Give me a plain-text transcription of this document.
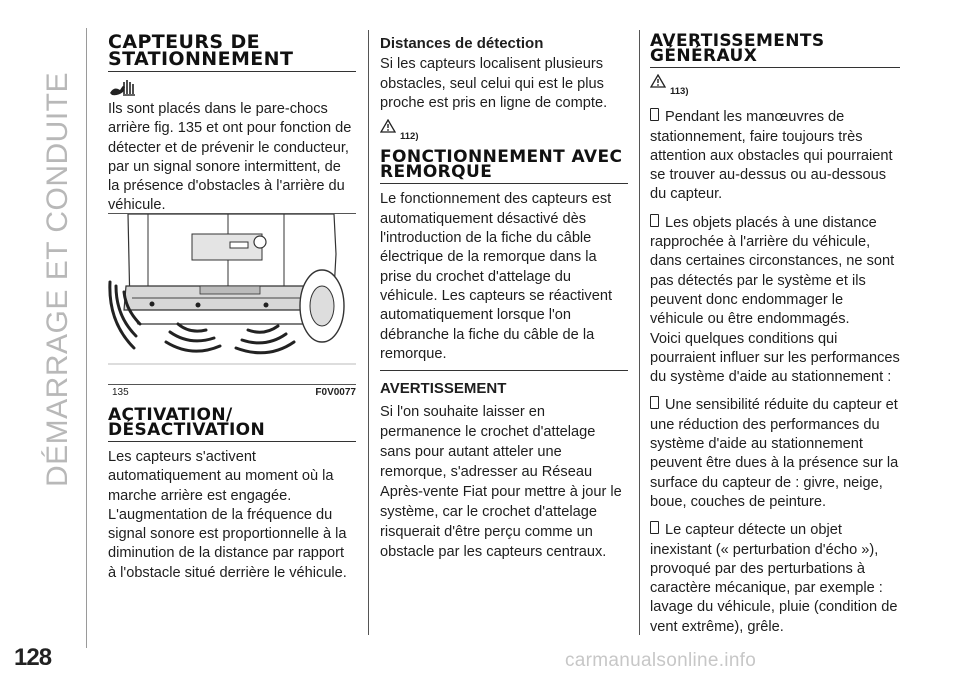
DÉMARRAGE ET CONDUITE
128
CAPTEURS DE STATIONNEMENT

Ils sont placés dans le pare-chocs arrière fig. 135 et ont pour fonction de détecter et de prévenir le conducteur, par un signal sonore intermittent, de la présence d'obstacles à l'arrière du véhicule.

ACTIVATION/ DÉSACTIVATION

Les capteurs s'activent automatiquement au moment où la marche arrière est engagée. L'augmentation de la fréquence du signal sonore est proportionnelle à la diminution de la distance par rapport à l'obstacle situé derrière le véhicule.

135	F0V0077
Distances de détection

Si les capteurs localisent plusieurs obstacles, seul celui qui est le plus proche est pris en ligne de compte.

112)
FONCTIONNEMENT AVEC REMORQUE

Le fonctionnement des capteurs est automatiquement désactivé dès l'introduction de la fiche du câble électrique de la remorque dans la prise du crochet d'attelage du véhicule. Les capteurs se réactivent automatiquement lorsque l'on débranche la fiche du câble de la remorque.

AVERTISSEMENT

Si l'on souhaite laisser en permanence le crochet d'attelage sans pour autant atteler une remorque, s'adresser au Réseau Après-vente Fiat pour mettre à jour le système, car le crochet d'attelage risquerait d'être perçu comme un obstacle par les capteurs centraux.

AVERTISSEMENTS GÉNÉRAUX
113)

Pendant les manœuvres de stationnement, faire toujours très attention aux obstacles qui pourraient se trouver au-dessus ou au-dessous du capteur.

Les objets placés à une distance rapprochée à l'arrière du véhicule, dans certaines circonstances, ne sont pas détectés par le système et ils peuvent donc endommager le véhicule ou être endommagés.

Voici quelques conditions qui pourraient influer sur les performances du système d'aide au stationnement :

Une sensibilité réduite du capteur et une réduction des performances du système d'aide au stationnement peuvent être dues à la présence sur la surface du capteur de : givre, neige, boue, couches de peinture.

Le capteur détecte un objet inexistant (« perturbation d'écho »), provoqué par des perturbations à caractère mécanique, par exemple : lavage du véhicule, pluie (condition de vent extrême), grêle.

carmanualsonline.info
